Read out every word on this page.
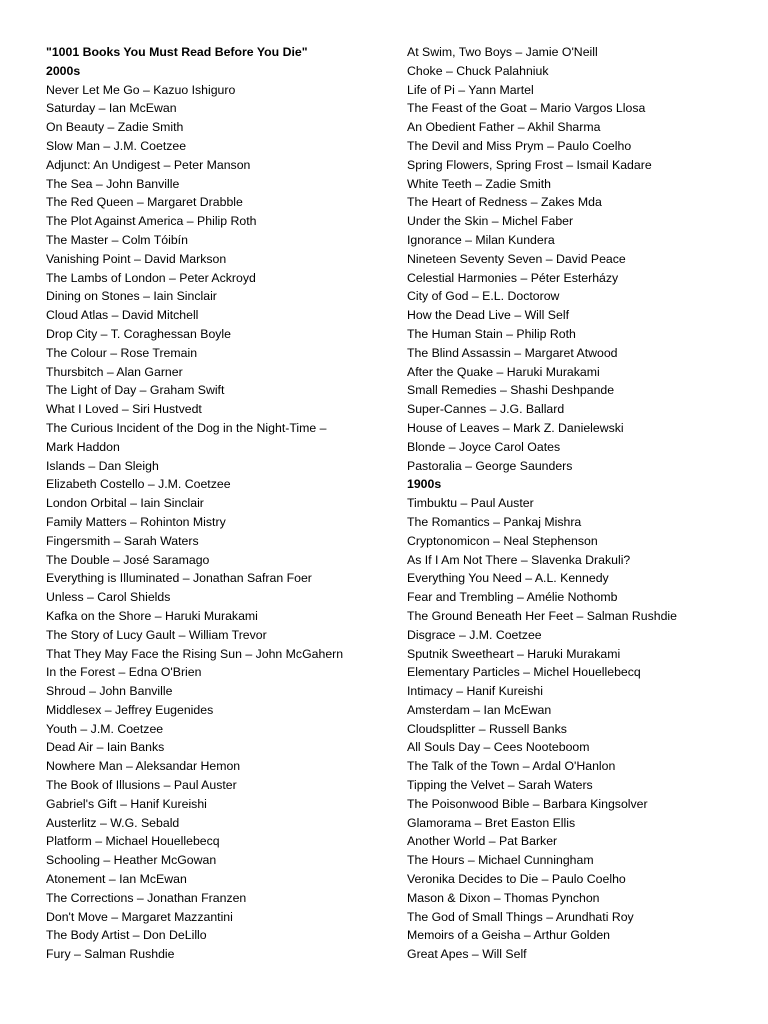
"1001 Books You Must Read Before You Die"
2000s
Never Let Me Go – Kazuo Ishiguro
Saturday – Ian McEwan
On Beauty – Zadie Smith
Slow Man – J.M. Coetzee
Adjunct: An Undigest – Peter Manson
The Sea – John Banville
The Red Queen – Margaret Drabble
The Plot Against America – Philip Roth
The Master – Colm Tóibín
Vanishing Point – David Markson
The Lambs of London – Peter Ackroyd
Dining on Stones – Iain Sinclair
Cloud Atlas – David Mitchell
Drop City – T. Coraghessan Boyle
The Colour – Rose Tremain
Thursbitch – Alan Garner
The Light of Day – Graham Swift
What I Loved – Siri Hustvedt
The Curious Incident of the Dog in the Night-Time –
Mark Haddon
Islands – Dan Sleigh
Elizabeth Costello – J.M. Coetzee
London Orbital – Iain Sinclair
Family Matters – Rohinton Mistry
Fingersmith – Sarah Waters
The Double – José Saramago
Everything is Illuminated – Jonathan Safran Foer
Unless – Carol Shields
Kafka on the Shore – Haruki Murakami
The Story of Lucy Gault – William Trevor
That They May Face the Rising Sun – John McGahern
In the Forest – Edna O'Brien
Shroud – John Banville
Middlesex – Jeffrey Eugenides
Youth – J.M. Coetzee
Dead Air – Iain Banks
Nowhere Man – Aleksandar Hemon
The Book of Illusions – Paul Auster
Gabriel's Gift – Hanif Kureishi
Austerlitz – W.G. Sebald
Platform – Michael Houellebecq
Schooling – Heather McGowan
Atonement – Ian McEwan
The Corrections – Jonathan Franzen
Don't Move – Margaret Mazzantini
The Body Artist – Don DeLillo
Fury – Salman Rushdie
At Swim, Two Boys – Jamie O'Neill
Choke – Chuck Palahniuk
Life of Pi – Yann Martel
The Feast of the Goat – Mario Vargos Llosa
An Obedient Father – Akhil Sharma
The Devil and Miss Prym – Paulo Coelho
Spring Flowers, Spring Frost – Ismail Kadare
White Teeth – Zadie Smith
The Heart of Redness – Zakes Mda
Under the Skin – Michel Faber
Ignorance – Milan Kundera
Nineteen Seventy Seven – David Peace
Celestial Harmonies – Péter Esterházy
City of God – E.L. Doctorow
How the Dead Live – Will Self
The Human Stain – Philip Roth
The Blind Assassin – Margaret Atwood
After the Quake – Haruki Murakami
Small Remedies – Shashi Deshpande
Super-Cannes – J.G. Ballard
House of Leaves – Mark Z. Danielewski
Blonde – Joyce Carol Oates
Pastoralia – George Saunders
1900s
Timbuktu – Paul Auster
The Romantics – Pankaj Mishra
Cryptonomicon – Neal Stephenson
As If I Am Not There – Slavenka Drakuli?
Everything You Need – A.L. Kennedy
Fear and Trembling – Amélie Nothomb
The Ground Beneath Her Feet – Salman Rushdie
Disgrace – J.M. Coetzee
Sputnik Sweetheart – Haruki Murakami
Elementary Particles – Michel Houellebecq
Intimacy – Hanif Kureishi
Amsterdam – Ian McEwan
Cloudsplitter – Russell Banks
All Souls Day – Cees Nooteboom
The Talk of the Town – Ardal O'Hanlon
Tipping the Velvet – Sarah Waters
The Poisonwood Bible – Barbara Kingsolver
Glamorama – Bret Easton Ellis
Another World – Pat Barker
The Hours – Michael Cunningham
Veronika Decides to Die – Paulo Coelho
Mason & Dixon – Thomas Pynchon
The God of Small Things – Arundhati Roy
Memoirs of a Geisha – Arthur Golden
Great Apes – Will Self
